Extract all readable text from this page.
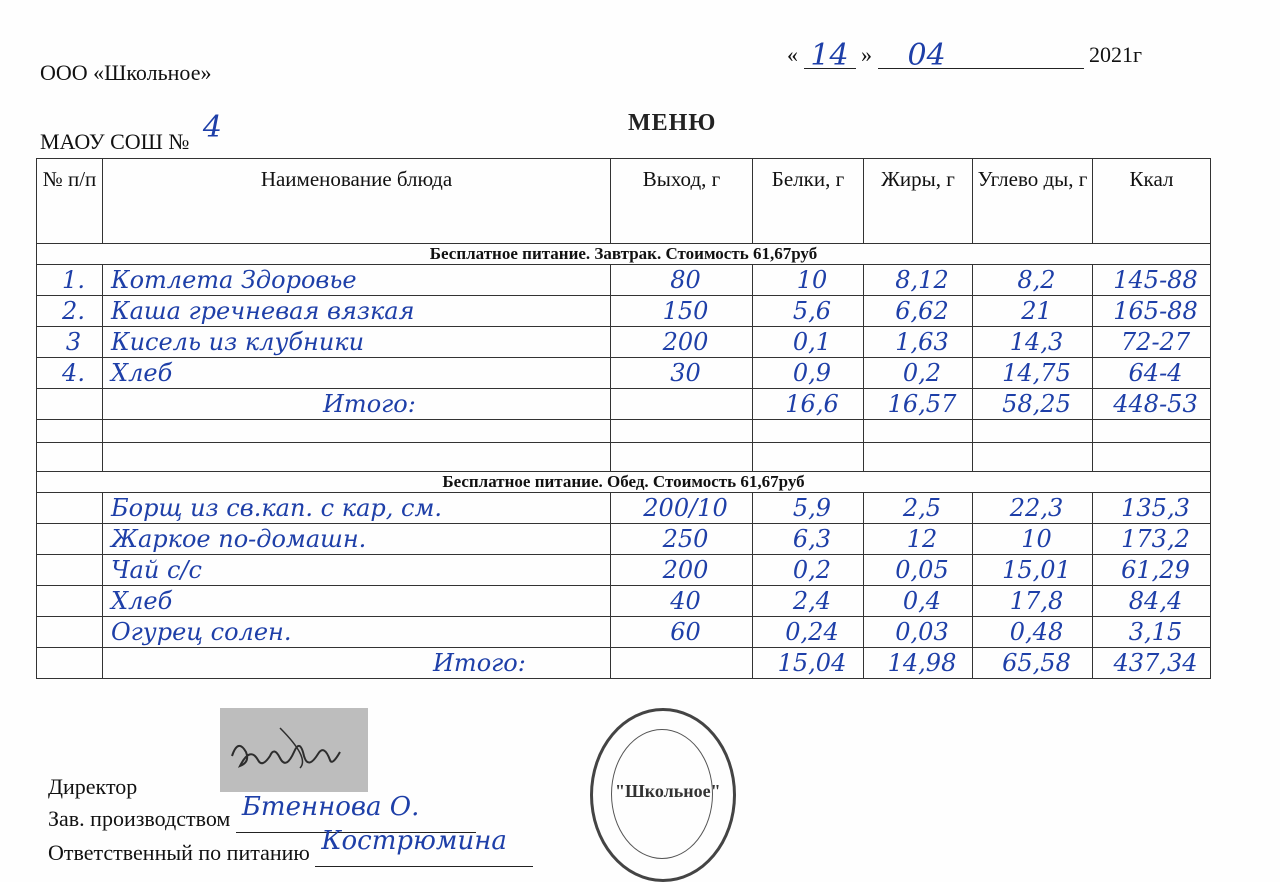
ООО «Школьное»
МАОУ СОШ № 4
« 14 »	04	2021г
МЕНЮ
№ п/п	Наименование блюда	Выход, г	Белки, г	Жиры, г	Углево ды, г	Ккал
Бесплатное питание. Завтрак. Стоимость 61,67руб						
1.	Котлета Здоровье	80	10	8,12	8,2	145-88
2.	Каша гречневая вязкая	150	5,6	6,62	21	165-88
3	Кисель из клубники	200	0,1	1,63	14,3	72-27
4.	Хлеб	30	0,9	0,2	14,75	64-4
	Итого:		16,6	16,57	58,25	448-53

Бесплатное питание. Обед. Стоимость 61,67руб						
	Борщ из св.кап. с кар, см.	200/10	5,9	2,5	22,3	135,3
	Жаркое по-домашн.	250	6,3	12	10	173,2
	Чай с/с	200	0,2	0,05	15,01	61,29
	Хлеб	40	2,4	0,4	17,8	84,4
	Огурец солен.	60	0,24	0,03	0,48	3,15
	Итого:		15,04	14,98	65,58	437,34
"Школьное"
Директор
Зав. производством Бтеннова О.

Ответственный по питанию Кострюмина
